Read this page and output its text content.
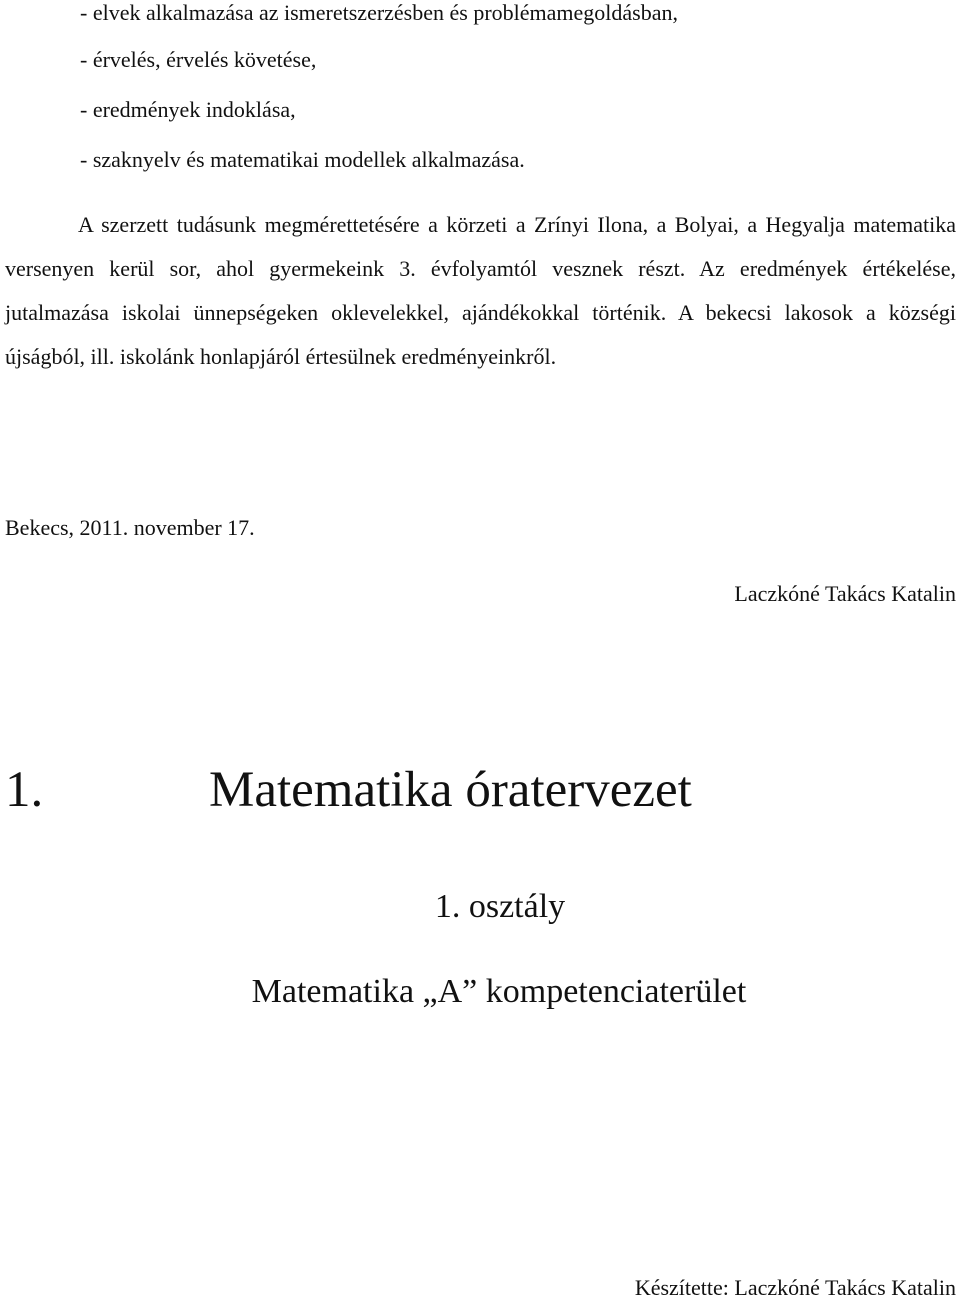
- elvek alkalmazása az ismeretszerzésben és problémamegoldásban,
- érvelés, érvelés követése,
- eredmények indoklása,
- szaknyelv és matematikai modellek alkalmazása.
A szerzett tudásunk megmérettetésére a körzeti a Zrínyi Ilona, a Bolyai, a Hegyalja matematika versenyen kerül sor, ahol gyermekeink 3. évfolyamtól vesznek részt. Az eredmények értékelése, jutalmazása iskolai ünnepségeken oklevelekkel, ajándékokkal történik. A bekecsi lakosok a községi újságból, ill. iskolánk honlapjáról értesülnek eredményeinkről.
Bekecs, 2011. november 17.
Laczkóné Takács Katalin
1.	Matematika óratervezet
1. osztály
Matematika „A” kompetenciaterület
Készítette: Laczkóné Takács Katalin
